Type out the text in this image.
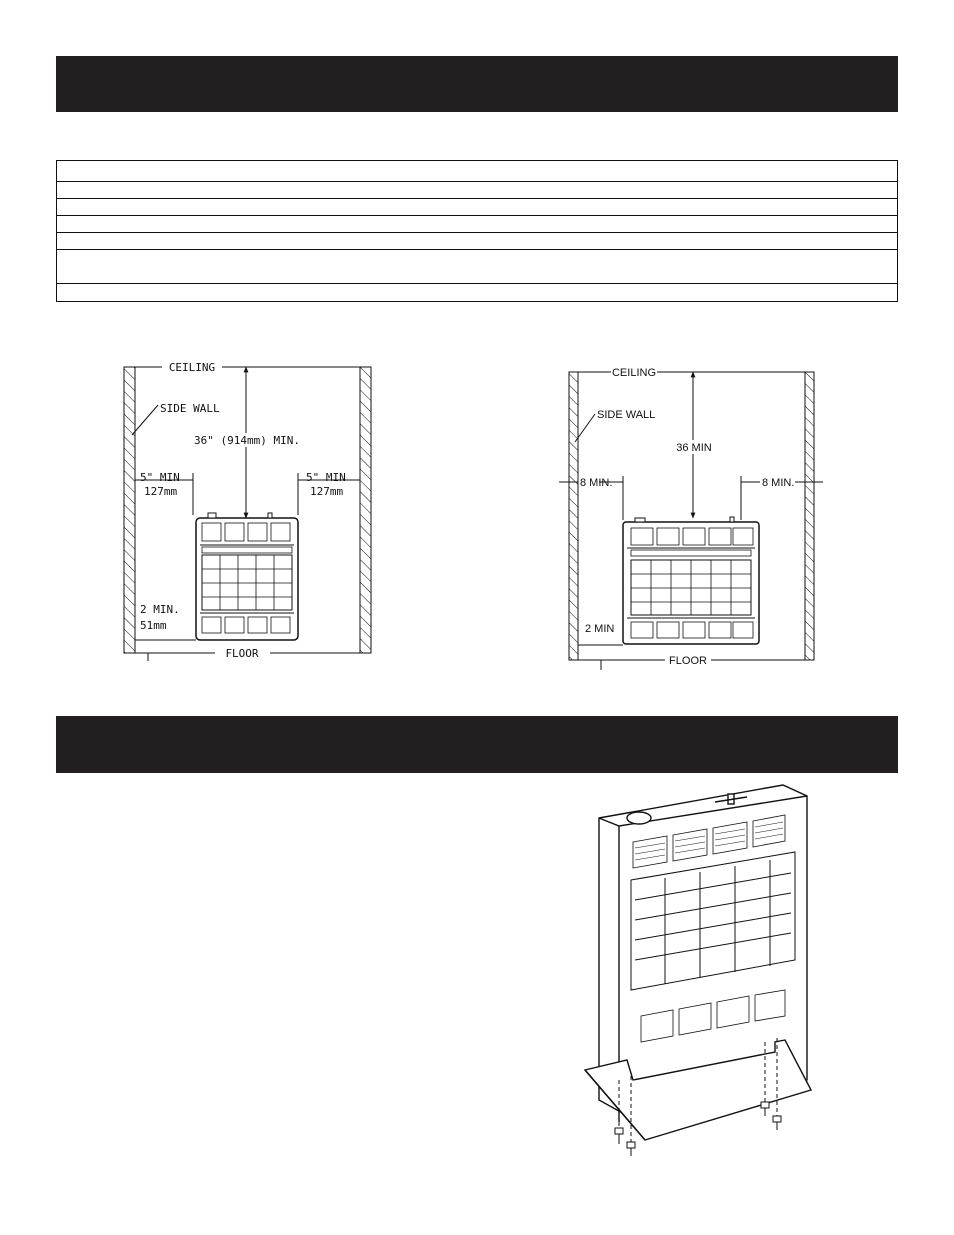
CEILING
FLOOR
SIDE WALL
36" (914mm) MIN.
5" MIN
127mm
5" MIN
127mm
2 MIN.
51mm
CEILING
FLOOR
SIDE WALL
36 MIN
8 MIN.	8 MIN.
2 MIN
